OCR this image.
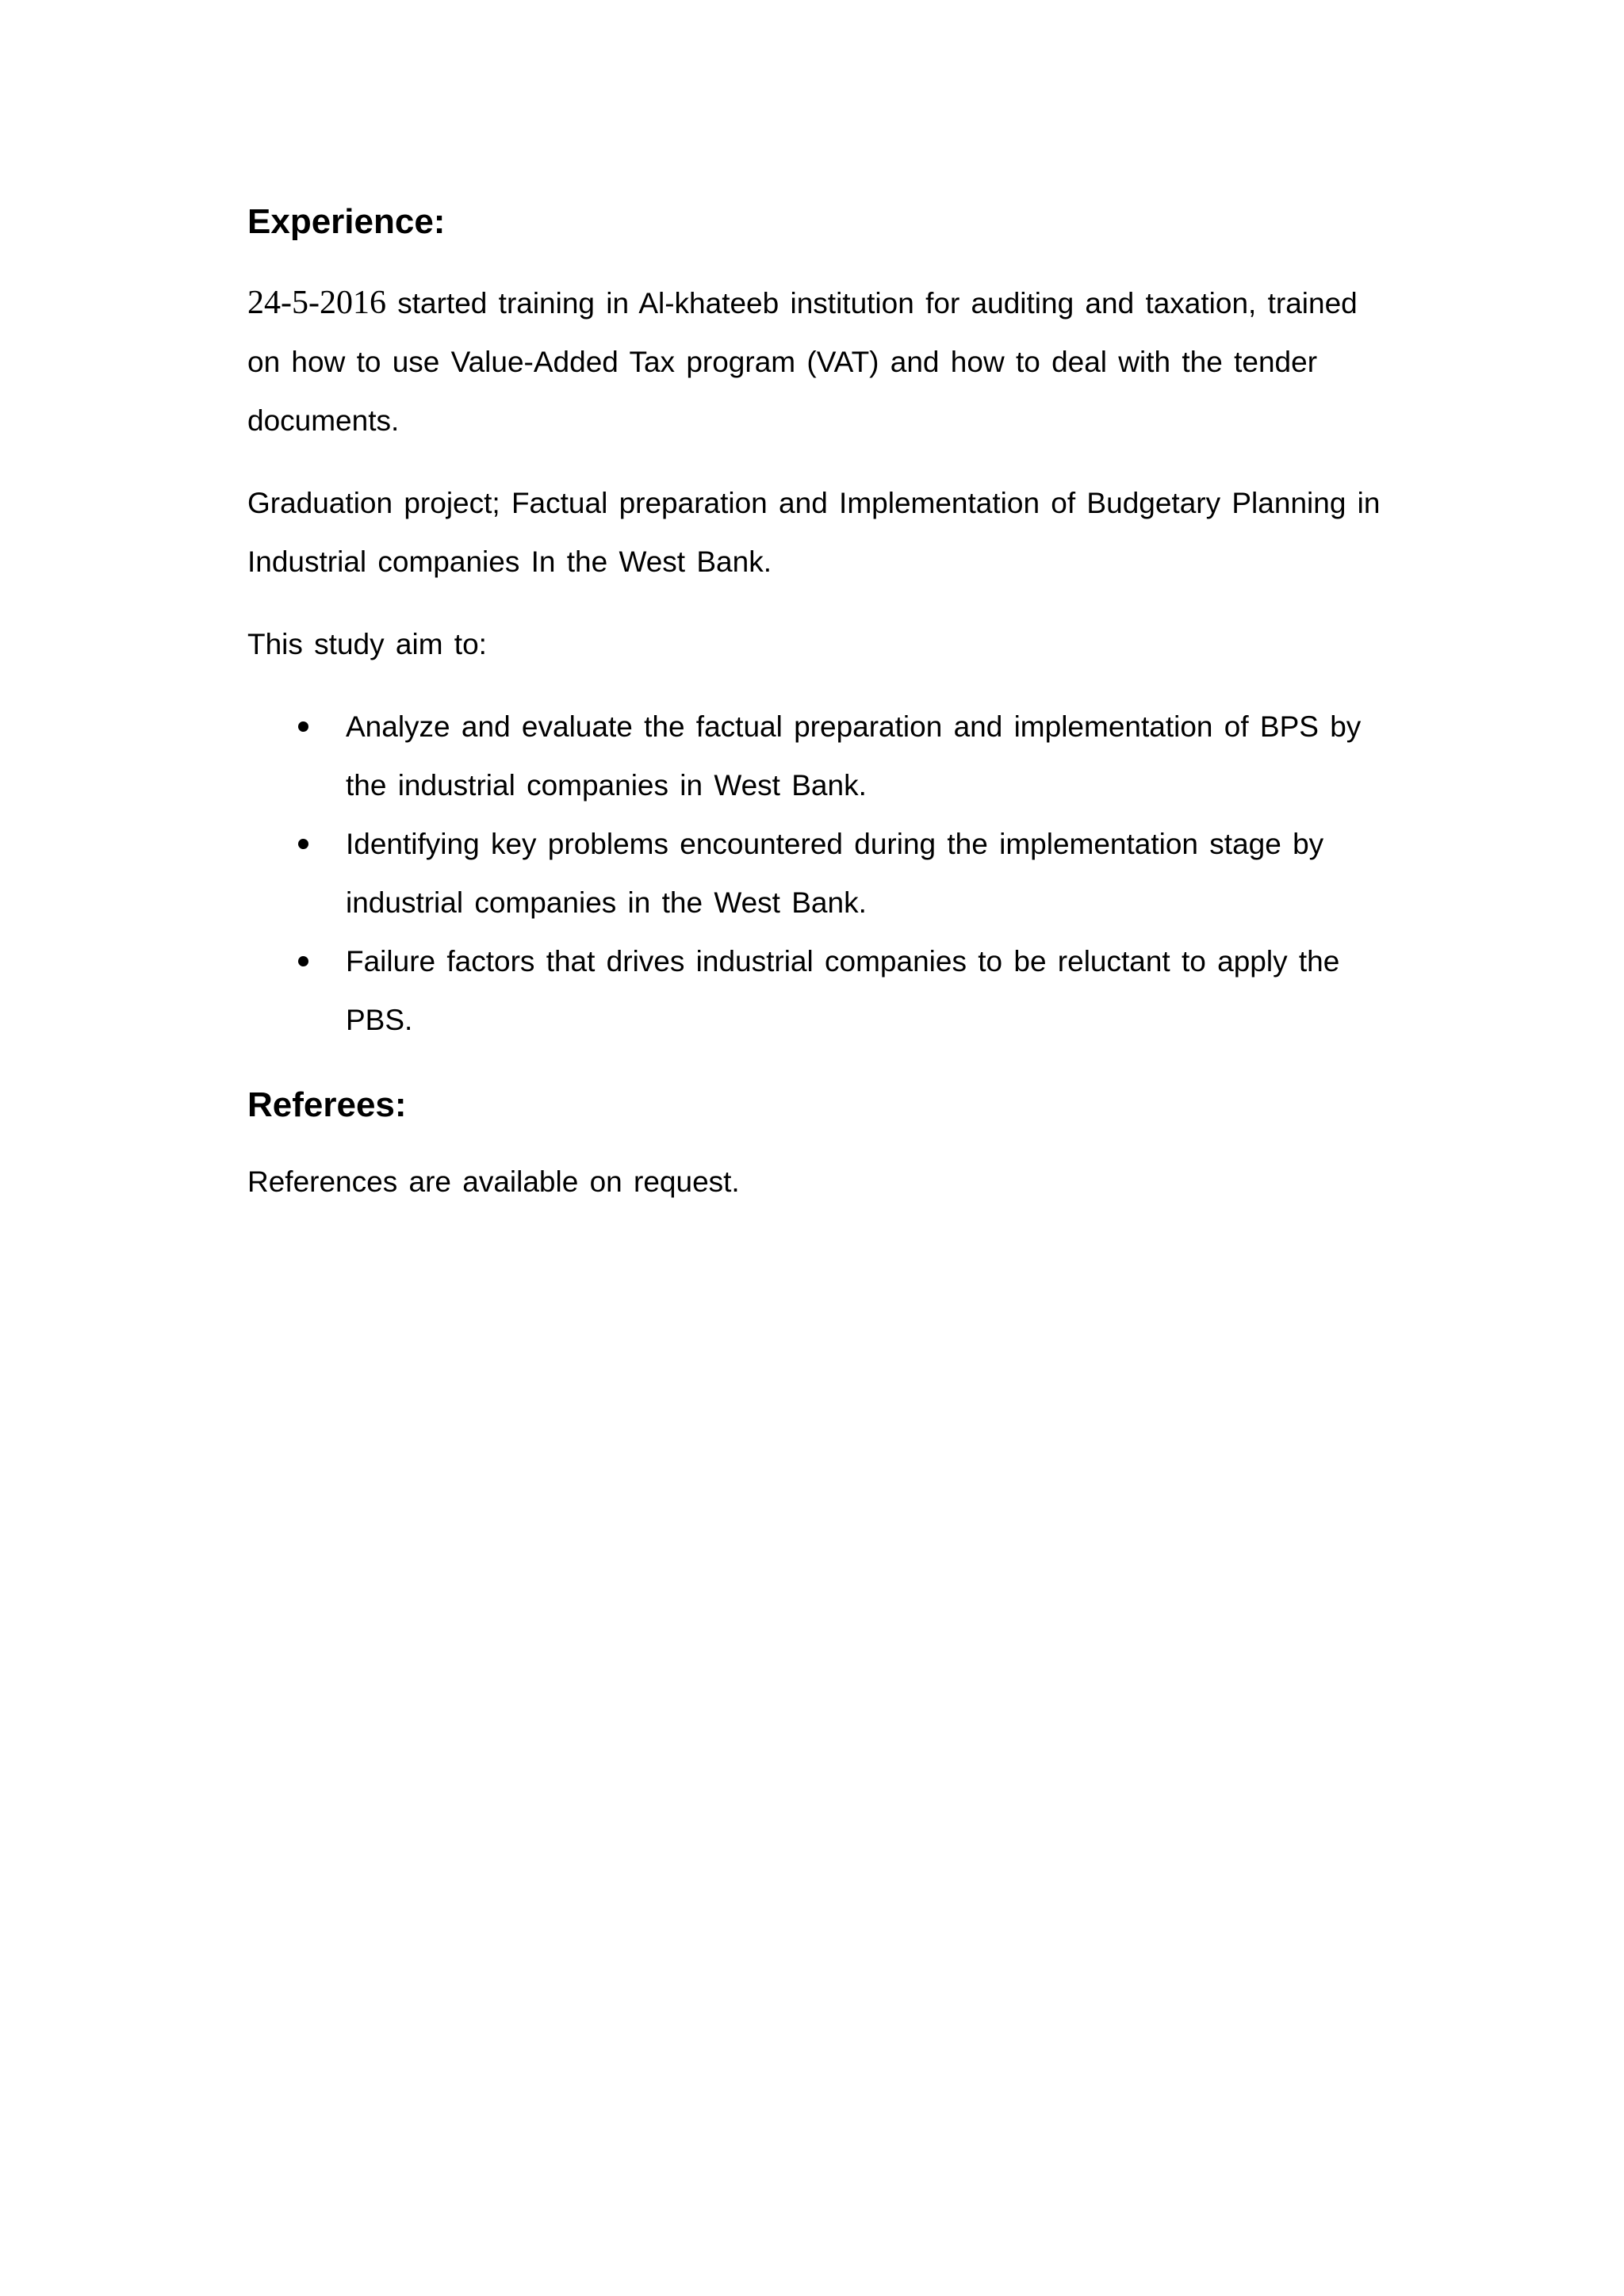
Experience:

24-5-2016 started training in Al-khateeb institution for auditing and taxation, trained on how to use Value-Added Tax program (VAT) and how to deal with the tender documents.

Graduation project; Factual preparation and Implementation of Budgetary Planning in Industrial companies In the West Bank.

This study aim to:

Analyze and evaluate the factual preparation and implementation of BPS by the industrial companies in West Bank.
Identifying key problems encountered during the implementation stage by industrial companies in the West Bank.
Failure factors that drives industrial companies to be reluctant to apply the PBS.
Referees:

References are available on request.
